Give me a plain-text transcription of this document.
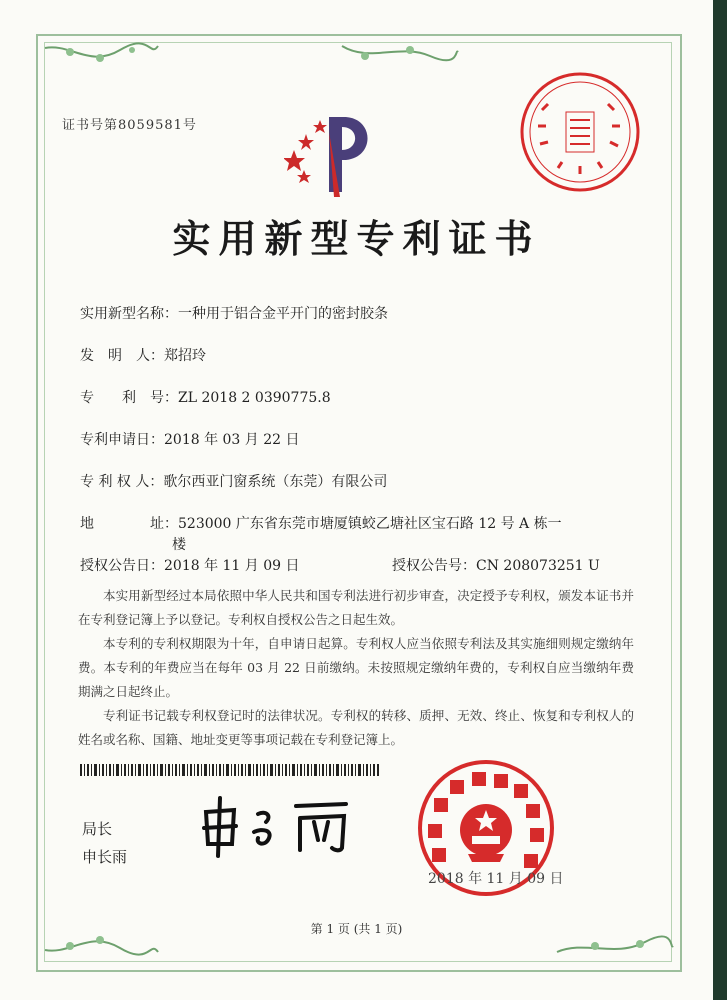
证书号第8059581号
实用新型专利证书
实用新型名称：一种用于铝合金平开门的密封胶条
发　明　人：郑招玲
专　　利　号：ZL 2018 2 0390775.8
专利申请日：2018 年 03 月 22 日
专 利 权 人：歌尔西亚门窗系统（东莞）有限公司
地　　　　址：523000 广东省东莞市塘厦镇蛟乙塘社区宝石路 12 号 A 栋一
楼
授权公告日：2018 年 11 月 09 日	授权公告号：CN 208073251 U
本实用新型经过本局依照中华人民共和国专利法进行初步审查，决定授予专利权，颁发本证书并在专利登记簿上予以登记。专利权自授权公告之日起生效。
本专利的专利权期限为十年，自申请日起算。专利权人应当依照专利法及其实施细则规定缴纳年费。本专利的年费应当在每年 03 月 22 日前缴纳。未按照规定缴纳年费的，专利权自应当缴纳年费期满之日起终止。
专利证书记载专利权登记时的法律状况。专利权的转移、质押、无效、终止、恢复和专利权人的姓名或名称、国籍、地址变更等事项记载在专利登记簿上。
局长
申长雨
2018 年 11 月 09 日
第 1 页 (共 1 页)
